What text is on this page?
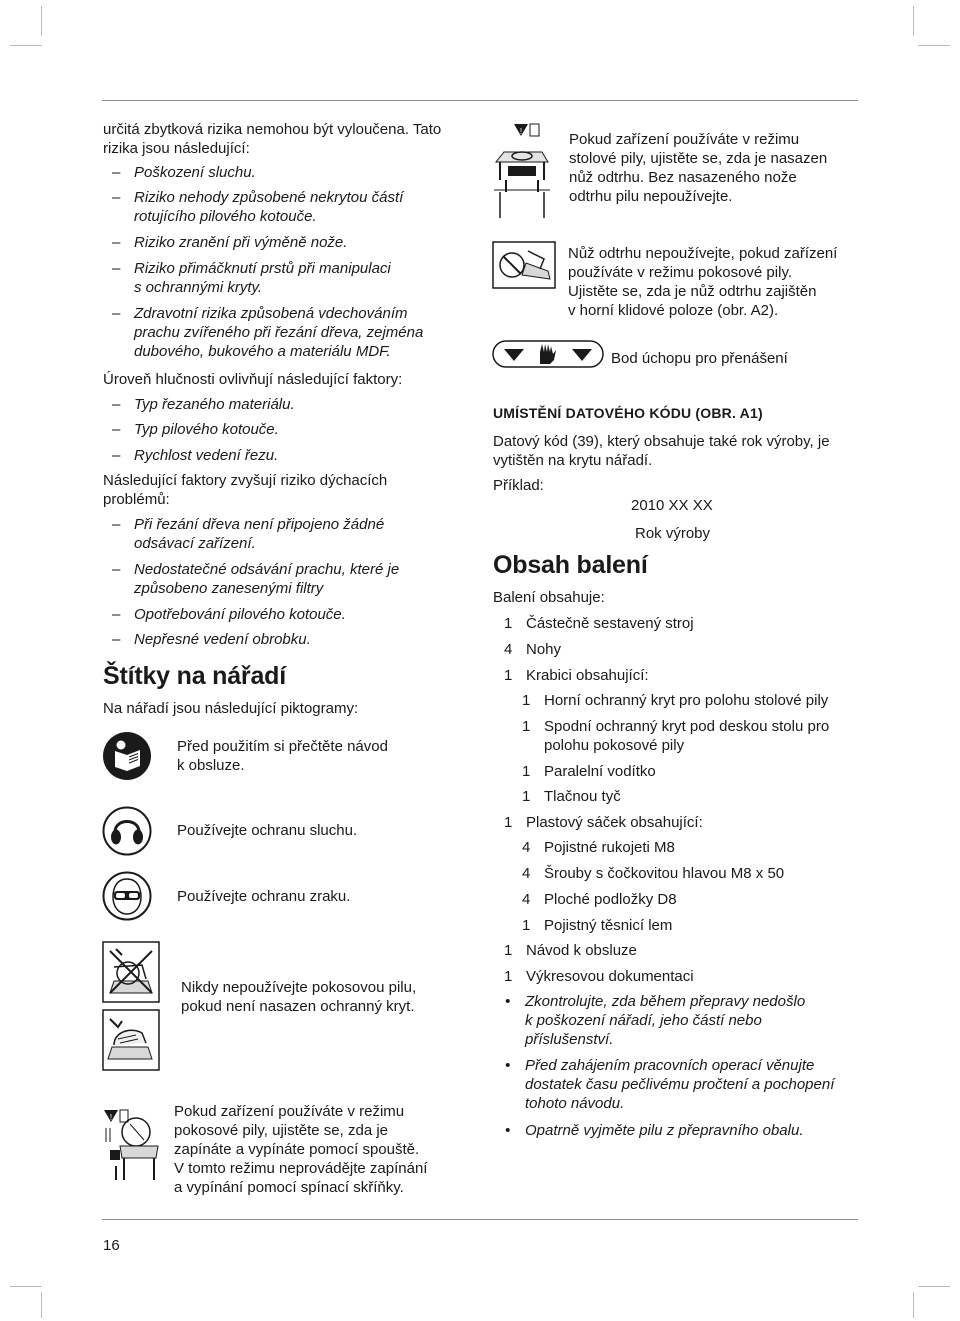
určitá zbytková rizika nemohou být vyloučena. Tato

rizika jsou následující:

– Poškození sluchu.

– Riziko nehody způsobené nekrytou částí

rotujícího pilového kotouče.

– Riziko zranění při výměně nože.

– Riziko přimáčknutí prstů při manipulaci

s ochrannými kryty.

– Zdravotní rizika způsobená vdechováním

prachu zvířeného při řezání dřeva, zejména

dubového, bukového a materiálu MDF.

Úroveň hlučnosti ovlivňují následující faktory:

– Typ řezaného materiálu.

– Typ pilového kotouče.

– Rychlost vedení řezu.

Následující faktory zvyšují riziko dýchacích

problémů:

– Při řezání dřeva není připojeno žádné

odsávací zařízení.

– Nedostatečné odsávání prachu, které je

způsobeno zanesenými filtry

– Opotřebování pilového kotouče.

– Nepřesné vedení obrobku.

Štítky na nářadí

Na nářadí jsou následující piktogramy:

Před použitím si přečtěte návod

k obsluze.

Používejte ochranu sluchu.

Používejte ochranu zraku.

Nikdy nepoužívejte pokosovou pilu,

pokud není nasazen ochranný kryt.

!	Pokud zařízení používáte v režimu

pokosové pily, ujistěte se, zda je

zapínáte a vypínáte pomocí spouště.

V tomto režimu neprovádějte zapínání

a vypínání pomocí spínací skříňky.

!	Pokud zařízení používáte v režimu

stolové pily, ujistěte se, zda je nasazen

nůž odtrhu. Bez nasazeného nože

odtrhu pilu nepoužívejte.

Nůž odtrhu nepoužívejte, pokud zařízení

používáte v režimu pokosové pily.

Ujistěte se, zda je nůž odtrhu zajištěn

v horní klidové poloze (obr. A2).

Bod úchopu pro přenášení

UMÍSTĚNÍ DATOVÉHO KÓDU (OBR. A1)

Datový kód (39), který obsahuje také rok výroby, je

vytištěn na krytu nářadí.

Příklad:

2010 XX XX

Rok výroby

Obsah balení

Balení obsahuje:

1 Částečně sestavený stroj

4 Nohy

1 Krabici obsahující:

1 Horní ochranný kryt pro polohu stolové pily

1 Spodní ochranný kryt pod deskou stolu pro

polohu pokosové pily

1 Paralelní vodítko

1 Tlačnou tyč

1 Plastový sáček obsahující:

4 Pojistné rukojeti M8

4 Šrouby s čočkovitou hlavou M8 x 50

4 Ploché podložky D8

1 Pojistný těsnicí lem

1 Návod k obsluze

1 Výkresovou dokumentaci

• Zkontrolujte, zda během přepravy nedošlo

k poškození nářadí, jeho částí nebo

příslušenství.

• Před zahájením pracovních operací věnujte

dostatek času pečlivému pročtení a pochopení

tohoto návodu.

• Opatrně vyjměte pilu z přepravního obalu.

16
